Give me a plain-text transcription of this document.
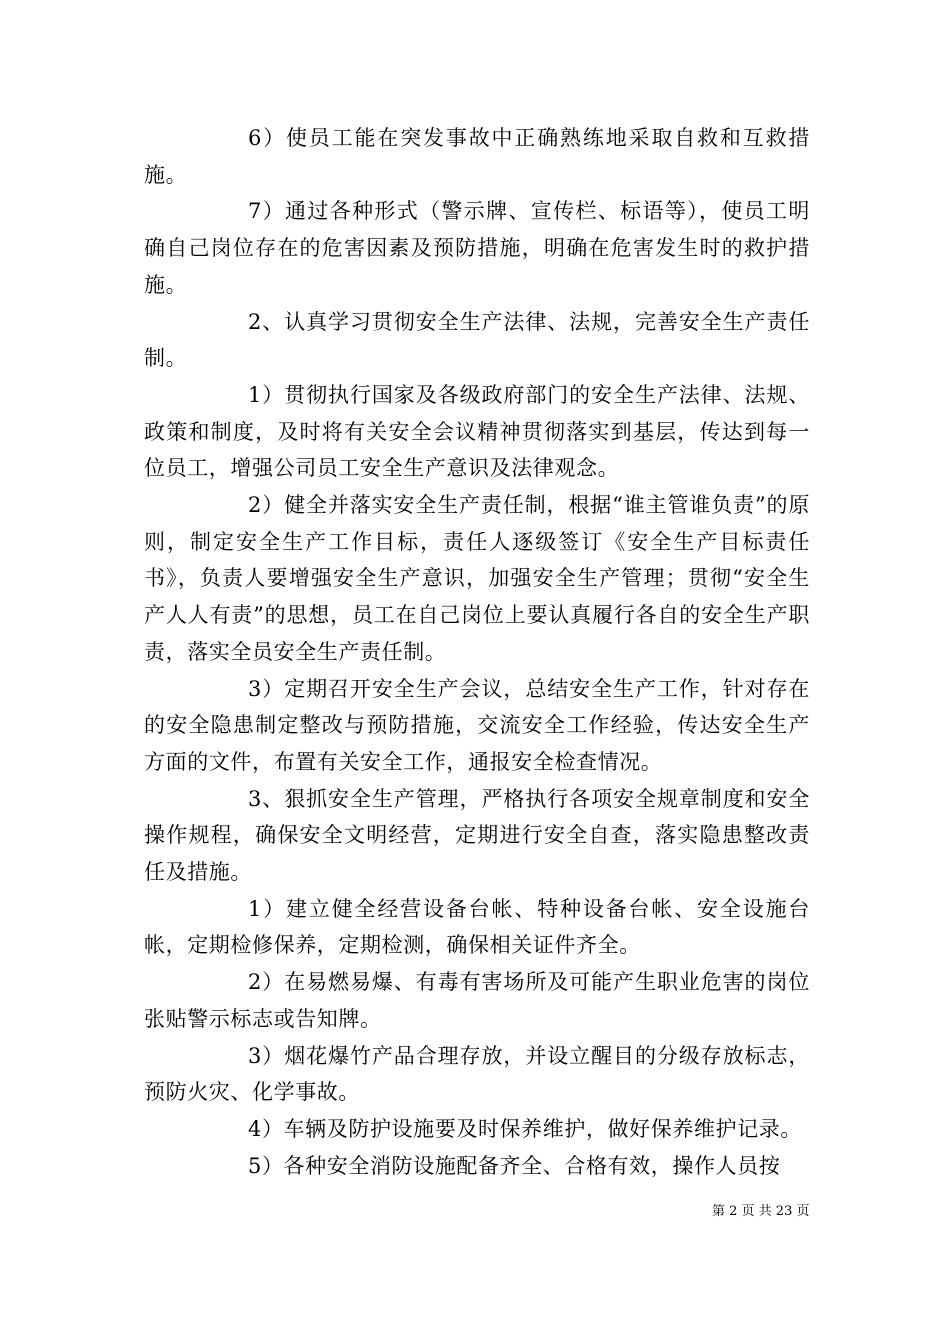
6）使员工能在突发事故中正确熟练地采取自救和互救措施。

7）通过各种形式（警示牌、宣传栏、标语等），使员工明确自己岗位存在的危害因素及预防措施，明确在危害发生时的救护措施。

2、认真学习贯彻安全生产法律、法规，完善安全生产责任制。

1）贯彻执行国家及各级政府部门的安全生产法律、法规、政策和制度，及时将有关安全会议精神贯彻落实到基层，传达到每一位员工，增强公司员工安全生产意识及法律观念。

2）健全并落实安全生产责任制，根据“谁主管谁负责”的原则，制定安全生产工作目标，责任人逐级签订《安全生产目标责任书》，负责人要增强安全生产意识，加强安全生产管理；贯彻“安全生产人人有责”的思想，员工在自己岗位上要认真履行各自的安全生产职责，落实全员安全生产责任制。

3）定期召开安全生产会议，总结安全生产工作，针对存在的安全隐患制定整改与预防措施，交流安全工作经验，传达安全生产方面的文件，布置有关安全工作，通报安全检查情况。

3、狠抓安全生产管理，严格执行各项安全规章制度和安全操作规程，确保安全文明经营，定期进行安全自查，落实隐患整改责任及措施。

1）建立健全经营设备台帐、特种设备台帐、安全设施台帐，定期检修保养，定期检测，确保相关证件齐全。

2）在易燃易爆、有毒有害场所及可能产生职业危害的岗位张贴警示标志或告知牌。

3）烟花爆竹产品合理存放，并设立醒目的分级存放标志，预防火灾、化学事故。

4）车辆及防护设施要及时保养维护，做好保养维护记录。

5）各种安全消防设施配备齐全、合格有效，操作人员按

第 2 页 共 23 页
